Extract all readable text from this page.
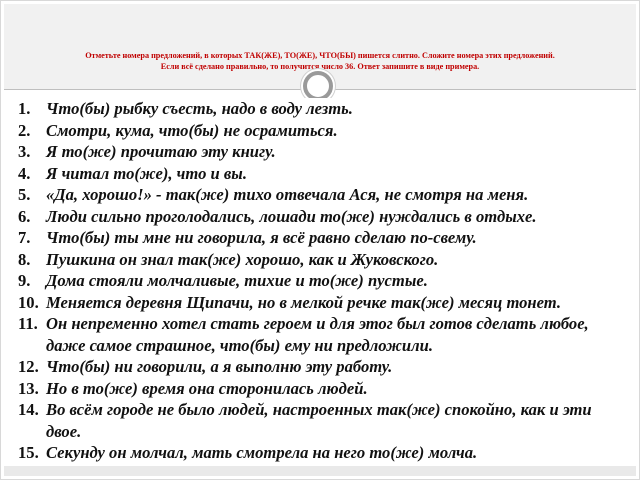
Отметьте номера предложений, в которых ТАК(ЖЕ), ТО(ЖЕ), ЧТО(БЫ) пишется слитно. Сложите номера этих предложений.
Если всё сделано правильно, то получится число 36. Ответ запишите в виде примера.

1. Что(бы) рыбку съесть, надо в воду лезть.
2. Смотри, кума, что(бы) не осрамиться.
3. Я то(же) прочитаю эту книгу.
4. Я читал то(же), что и вы.
5. «Да, хорошо!» - так(же) тихо отвечала Ася, не смотря на меня.
6. Люди сильно проголодались, лошади то(же) нуждались в отдыхе.
7. Что(бы) ты мне ни говорила, я всё равно сделаю по-свему.
8. Пушкина он знал так(же) хорошо, как и Жуковского.
9. Дома стояли молчаливые, тихие и то(же) пустые.
10. Меняется деревня Щипачи, но в мелкой речке так(же) месяц тонет.
11. Он непременно хотел стать героем и для этог был готов сделать любое, даже самое страшное, что(бы) ему ни предложили.
12. Что(бы) ни говорили, а я выполню эту работу.
13. Но в то(же) время она сторонилась людей.
14. Во всём городе не было людей, настроенных так(же) спокойно, как и эти двое.
15. Секунду он молчал, мать смотрела на него то(же) молча.
